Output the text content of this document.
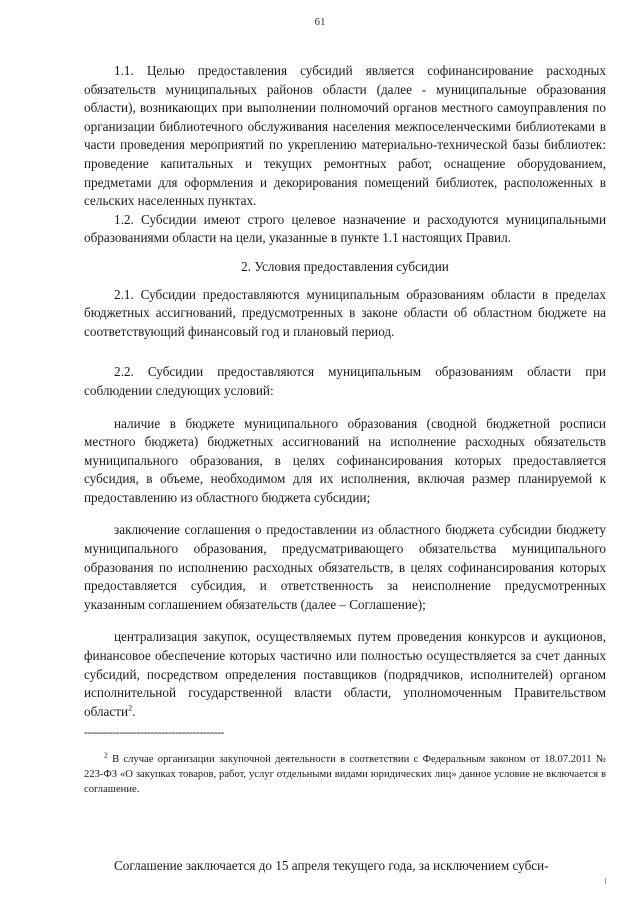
61

1.1. Целью предоставления субсидий является софинансирование расходных обязательств муниципальных районов области (далее - муниципальные образования области), возникающих при выполнении полномочий органов местного самоуправления по организации библиотечного обслуживания населения межпоселенческими библиотеками в части проведения мероприятий по укреплению материально-технической базы библиотек: проведение капитальных и текущих ремонтных работ, оснащение оборудованием, предметами для оформления и декорирования помещений библиотек, расположенных в сельских населенных пунктах.

1.2. Субсидии имеют строго целевое назначение и расходуются муниципальными образованиями области на цели, указанные в пункте 1.1 настоящих Правил.

2. Условия предоставления субсидии

2.1. Субсидии предоставляются муниципальным образованиям области в пределах бюджетных ассигнований, предусмотренных в законе области об областном бюджете на соответствующий финансовый год и плановый период.

2.2. Субсидии предоставляются муниципальным образованиям области при соблюдении следующих условий:

наличие в бюджете муниципального образования (сводной бюджетной росписи местного бюджета) бюджетных ассигнований на исполнение расходных обязательств муниципального образования, в целях софинансирования которых предоставляется субсидия, в объеме, необходимом для их исполнения, включая размер планируемой к предоставлению из областного бюджета субсидии;

заключение соглашения о предоставлении из областного бюджета субсидии бюджету муниципального образования, предусматривающего обязательства муниципального образования по исполнению расходных обязательств, в целях софинансирования которых предоставляется субсидия, и ответственность за неисполнение предусмотренных указанным соглашением обязательств (далее – Соглашение);

централизация закупок, осуществляемых путем проведения конкурсов и аукционов, финансовое обеспечение которых частично или полностью осуществляется за счет данных субсидий, посредством определения поставщиков (подрядчиков, исполнителей) органом исполнительной государственной власти области, уполномоченным Правительством области$^2$.

----------------------------------------

$^2$ В случае организации закупочной деятельности в соответствии с Федеральным законом от 18.07.2011 № 223-ФЗ «О закупках товаров, работ, услуг отдельными видами юридических лиц» данное условие не включается в соглашение.

Соглашение заключается до 15 апреля текущего года, за исключением субси-
